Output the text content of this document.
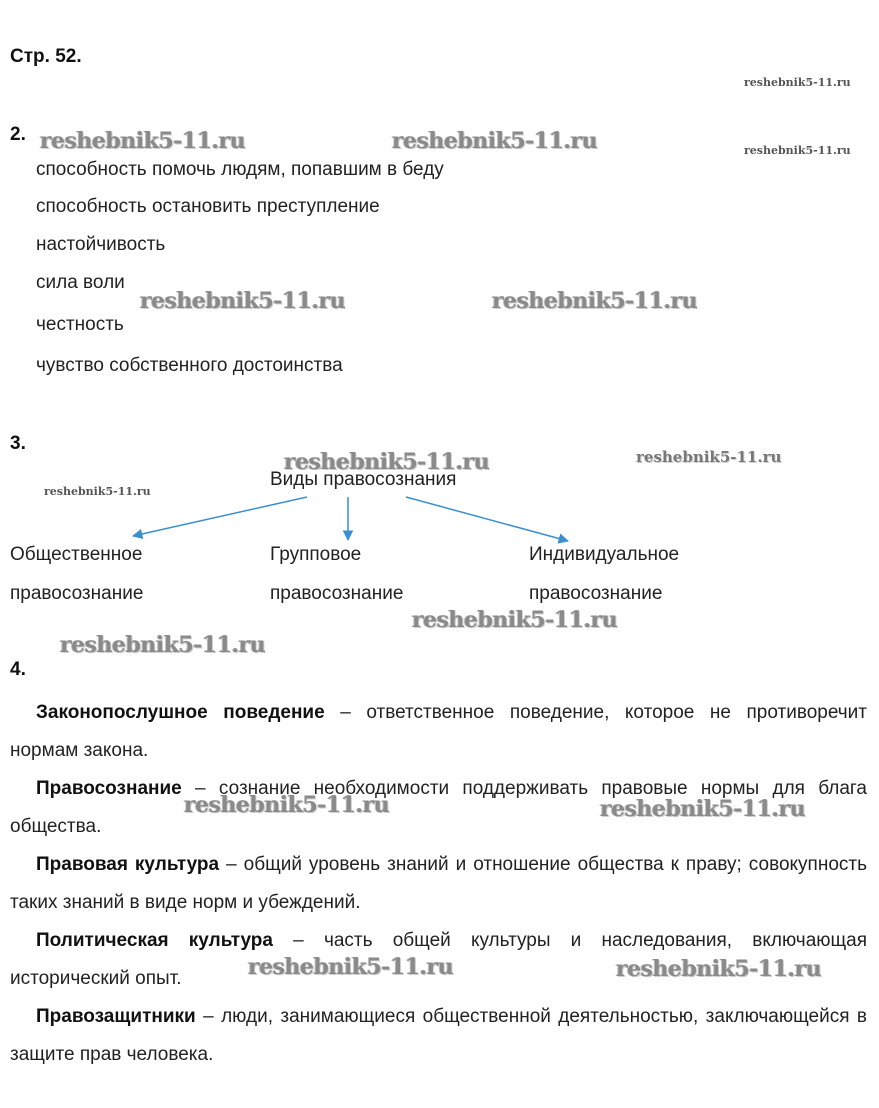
Стр. 52.
reshebnik5-11.ru
reshebnik5-11.ru
reshebnik5-11.ru
reshebnik5-11.ru
2. reshebnik5-11.ru	reshebnik5-11.ru
способность помочь людям, попавшим в беду
способность остановить преступление
настойчивость
сила воли
reshebnik5-11.ru	reshebnik5-11.ru
честность
чувство собственного достоинства
3.
reshebnik5-11.ru
Виды правосознания
Общественное
правосознание
Групповое
правосознание
Индивидуальное
правосознание
reshebnik5-11.ru
reshebnik5-11.ru
4.

Законопослушное поведение – ответственное поведение, которое не противоречит нормам закона.

Правосознание – сознание необходимости поддерживать правовые нормы для блага общества.

Правовая культура – общий уровень знаний и отношение общества к праву; совокупность таких знаний в виде норм и убеждений.

Политическая культура – часть общей культуры и наследования, включающая исторический опыт.

Правозащитники – люди, занимающиеся общественной деятельностью, заключающейся в защите прав человека.

reshebnik5-11.ru	reshebnik5-11.ru
reshebnik5-11.ru	reshebnik5-11.ru
